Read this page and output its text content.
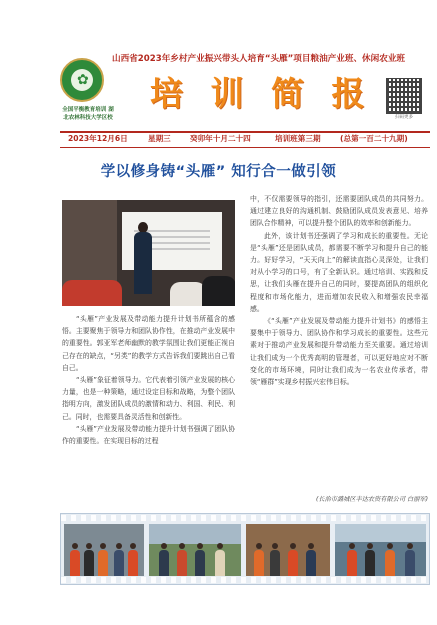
✿
全国平衡教育培训 湖北农林科技大学区校
山西省2023年乡村产业振兴带头人培育“头雁”项目粮油产业班、休闲农业班
培 训 简 报
扫码更多
2023年12月6日	星期三	癸卯年十月二十四	培训班第三期	(总第一百二十九期)
学以修身铸“头雁” 知行合一做引领

“头雁”产业发展及带动能力提升计划书所蕴含的感悟。主要聚焦于领导力和团队协作性，在推动产业发展中的重要性。郭亚军老师幽默的教学氛围让我们更能正视自己存在的缺点，“另类”的教学方式告诉我们要跳出自己看自己。

“头雁”象征着领导力。它代表着引领产业发展的核心力量，也是一种策略，通过设定目标和战略，为整个团队指明方向，激发团队成员的激情和动力、利国、利民、利己。同时，也需要具备灵活性和创新性。

“头雁”产业发展及带动能力提升计划书强调了团队协作的重要性。在实现目标的过程

中，不仅需要领导的指引，还需要团队成员的共同努力。通过建立良好的沟通机制、鼓励团队成员发表意见、培养团队合作精神，可以提升整个团队的效率和创新能力。

此外，该计划书还强调了学习和成长的重要性。无论是“头雁”还是团队成员，都需要不断学习和提升自己的能力。好好学习，“天天向上”的解读直指心灵深处，让我们对从小学习的口号，有了全新认识。通过培训、实践和反思，让我们头雁在提升自己的同时，要提高团队的组织化程度和市场化能力，进而增加农民收入和增强农民幸福感。

《“头雁”产业发展及带动能力提升计划书》的感悟主要集中于领导力、团队协作和学习成长的重要性。这些元素对于推动产业发展和提升带动能力至关重要。通过培训让我们成为一个优秀高明的管理者，可以更好地应对不断变化的市场环境，同时让我们成为一名农业传承者，带领“雁群”实现乡村振兴宏伟目标。

(长治市潞城区丰达农资有限公司 白丽军)
